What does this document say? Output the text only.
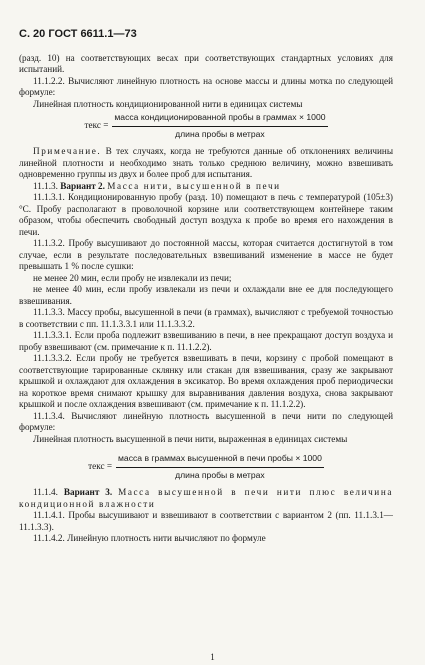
С. 20 ГОСТ 6611.1—73

(разд. 10) на соответствующих весах при соответствующих стандартных условиях для испытаний.

11.1.2.2. Вычисляют линейную плотность на основе массы и длины мотка по следующей формуле:

Линейная плотность кондиционированной нити в единицах системы

текс = $\frac{\text{масса кондиционированной пробы в граммах × 1000}}{\text{длина пробы в метрах}}$

Примечание. В тех случаях, когда не требуются данные об отклонениях величины линейной плотности и необходимо знать только среднюю величину, можно взвешивать одновременно группы из двух и более проб для испытания.

11.1.3. Вариант 2. Масса нити, высушенной в печи

11.1.3.1. Кондиционированную пробу (разд. 10) помещают в печь с температурой (105±3) °С. Пробу располагают в проволочной корзине или соответствующем контейнере таким образом, чтобы обеспечить свободный доступ воздуха к пробе во время его нахождения в печи.

11.1.3.2. Пробу высушивают до постоянной массы, которая считается достигнутой в том случае, если в результате последовательных взвешиваний изменение в массе не будет превышать 1 % после сушки:

не менее 20 мин, если пробу не извлекали из печи;

не менее 40 мин, если пробу извлекали из печи и охлаждали вне ее для последующего взвешивания.

11.1.3.3. Массу пробы, высушенной в печи (в граммах), вычисляют с требуемой точностью в соответствии с пп. 11.1.3.3.1 или 11.1.3.3.2.

11.1.3.3.1. Если проба подлежит взвешиванию в печи, в нее прекращают доступ воздуха и пробу взвешивают (см. примечание к п. 11.1.2.2).

11.1.3.3.2. Если пробу не требуется взвешивать в печи, корзину с пробой помещают в соответствующие тарированные склянку или стакан для взвешивания, сразу же закрывают крышкой и охлаждают для охлаждения в эксикатор. Во время охлаждения проб периодически на короткое время снимают крышку для выравнивания давления воздуха, снова закрывают крышкой и после охлаждения взвешивают (см. примечание к п. 11.1.2.2).

11.1.3.4. Вычисляют линейную плотность высушенной в печи нити по следующей формуле:

Линейная плотность высушенной в печи нити, выраженная в единицах системы

текс = $\frac{\text{масса в граммах высушенной в печи пробы × 1000}}{\text{длина пробы в метрах}}$

11.1.4. Вариант 3. Масса высушенной в печи нити плюс величина кондиционной влажности

11.1.4.1. Пробы высушивают и взвешивают в соответствии с вариантом 2 (пп. 11.1.3.1—11.1.3.3).

11.1.4.2. Линейную плотность нити вычисляют по формуле

1
